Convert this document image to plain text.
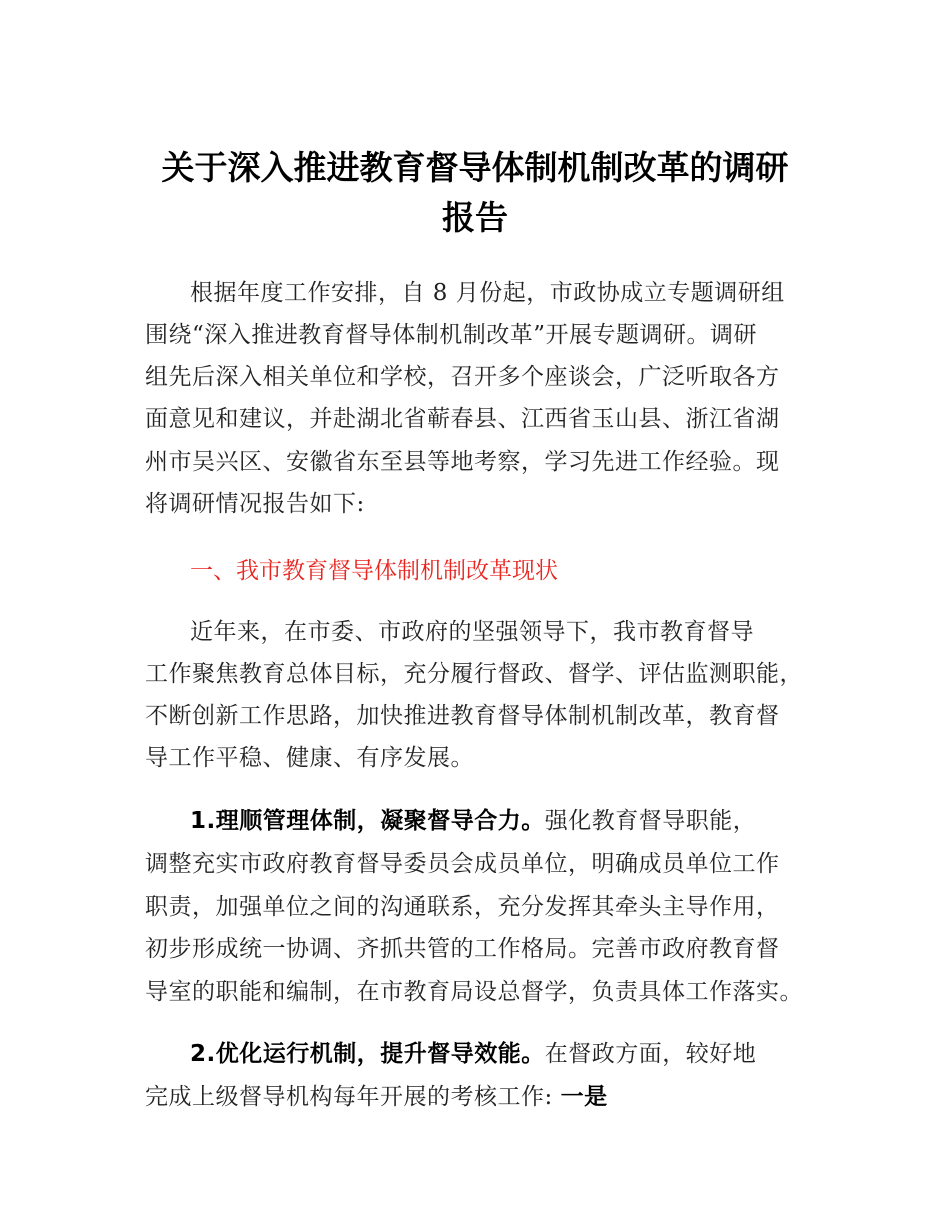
关于深入推进教育督导体制机制改革的调研
报告
根据年度工作安排，自 8 月份起，市政协成立专题调研组
围绕“深入推进教育督导体制机制改革”开展专题调研。调研
组先后深入相关单位和学校，召开多个座谈会，广泛听取各方
面意见和建议，并赴湖北省蕲春县、江西省玉山县、浙江省湖
州市吴兴区、安徽省东至县等地考察，学习先进工作经验。现
将调研情况报告如下:
一、我市教育督导体制机制改革现状
近年来，在市委、市政府的坚强领导下，我市教育督导
工作聚焦教育总体目标，充分履行督政、督学、评估监测职能，
不断创新工作思路，加快推进教育督导体制机制改革，教育督
导工作平稳、健康、有序发展。
1.理顺管理体制，凝聚督导合力。强化教育督导职能，
调整充实市政府教育督导委员会成员单位，明确成员单位工作
职责，加强单位之间的沟通联系，充分发挥其牵头主导作用，
初步形成统一协调、齐抓共管的工作格局。完善市政府教育督
导室的职能和编制，在市教育局设总督学，负责具体工作落实。
2.优化运行机制，提升督导效能。在督政方面，较好地
完成上级督导机构每年开展的考核工作: 一是
